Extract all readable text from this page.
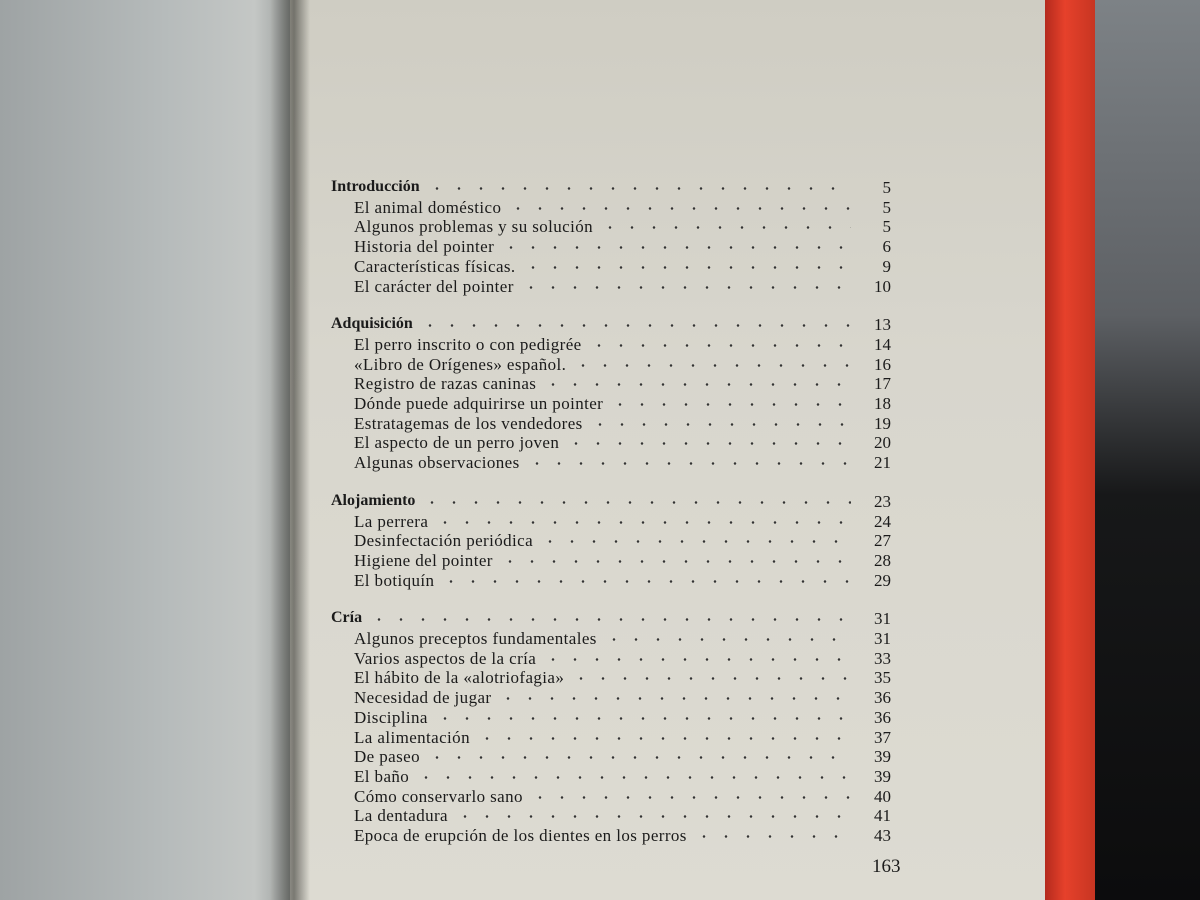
Introducción	5
El animal doméstico	5
Algunos problemas y su solución	5
Historia del pointer	6
Características físicas.	9
El carácter del pointer	10
Adquisición	13
El perro inscrito o con pedigrée	14
«Libro de Orígenes» español.	16
Registro de razas caninas	17
Dónde puede adquirirse un pointer	18
Estratagemas de los vendedores	19
El aspecto de un perro joven	20
Algunas observaciones	21
Alojamiento	23
La perrera	24
Desinfectación periódica	27
Higiene del pointer	28
El botiquín	29
Cría	31
Algunos preceptos fundamentales	31
Varios aspectos de la cría	33
El hábito de la «alotriofagia»	35
Necesidad de jugar	36
Disciplina	36
La alimentación	37
De paseo	39
El baño	39
Cómo conservarlo sano	40
La dentadura	41
Epoca de erupción de los dientes en los perros	43
163
